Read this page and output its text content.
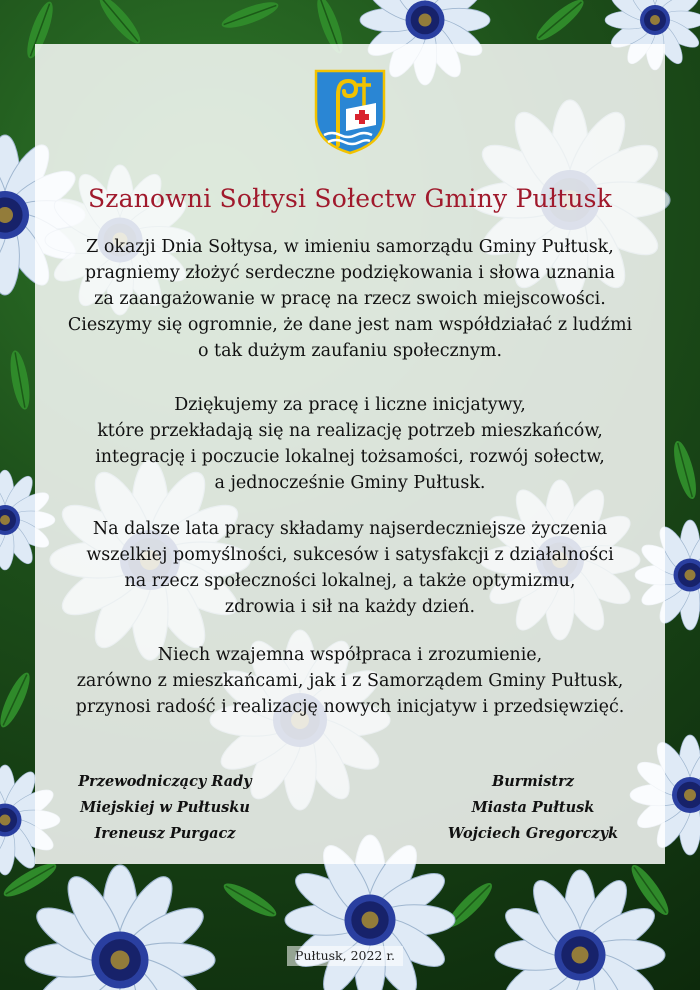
Szanowni Sołtysi Sołectw Gminy Pułtusk

Z okazji Dnia Sołtysa, w imieniu samorządu Gminy Pułtusk,
pragniemy złożyć serdeczne podziękowania i słowa uznania
za zaangażowanie w pracę na rzecz swoich miejscowości.
Cieszymy się ogromnie, że dane jest nam współdziałać z ludźmi
o tak dużym zaufaniu społecznym.

Dziękujemy za pracę i liczne inicjatywy,
które przekładają się na realizację potrzeb mieszkańców,
integrację i poczucie lokalnej tożsamości, rozwój sołectw,
a jednocześnie Gminy Pułtusk.

Na dalsze lata pracy składamy najserdeczniejsze życzenia
wszelkiej pomyślności, sukcesów i satysfakcji z działalności
na rzecz społeczności lokalnej, a także optymizmu,
zdrowia i sił na każdy dzień.

Niech wzajemna współpraca i zrozumienie,
zarówno z mieszkańcami, jak i z Samorządem Gminy Pułtusk,
przynosi radość i realizację nowych inicjatyw i przedsięwzięć.

Przewodniczący Rady
Miejskiej w Pułtusku
Ireneusz Purgacz
Burmistrz
Miasta Pułtusk
Wojciech Gregorczyk
Pułtusk, 2022 r.
